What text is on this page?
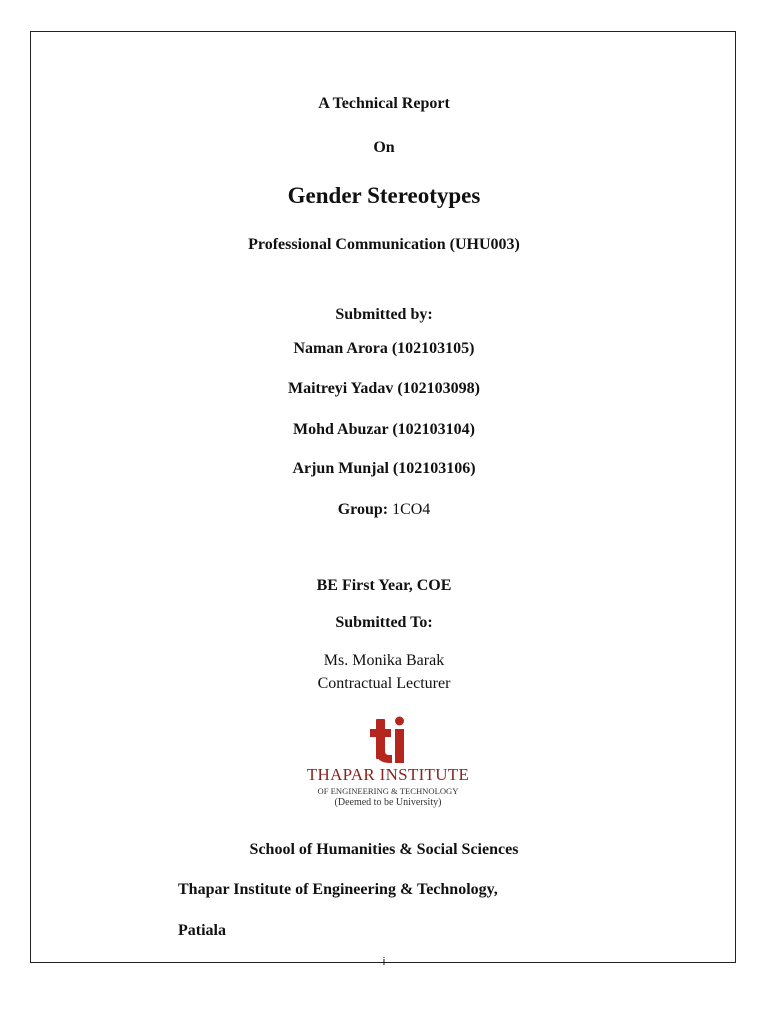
A Technical Report
On
Gender Stereotypes
Professional Communication (UHU003)
Submitted by:
Naman Arora (102103105)
Maitreyi Yadav (102103098)
Mohd Abuzar (102103104)
Arjun Munjal (102103106)
Group: 1CO4
BE First Year, COE
Submitted To:
Ms. Monika Barak
Contractual Lecturer
THAPAR INSTITUTE
OF ENGINEERING & TECHNOLOGY
(Deemed to be University)
School of Humanities & Social Sciences
Thapar Institute of Engineering & Technology,
Patiala
i
